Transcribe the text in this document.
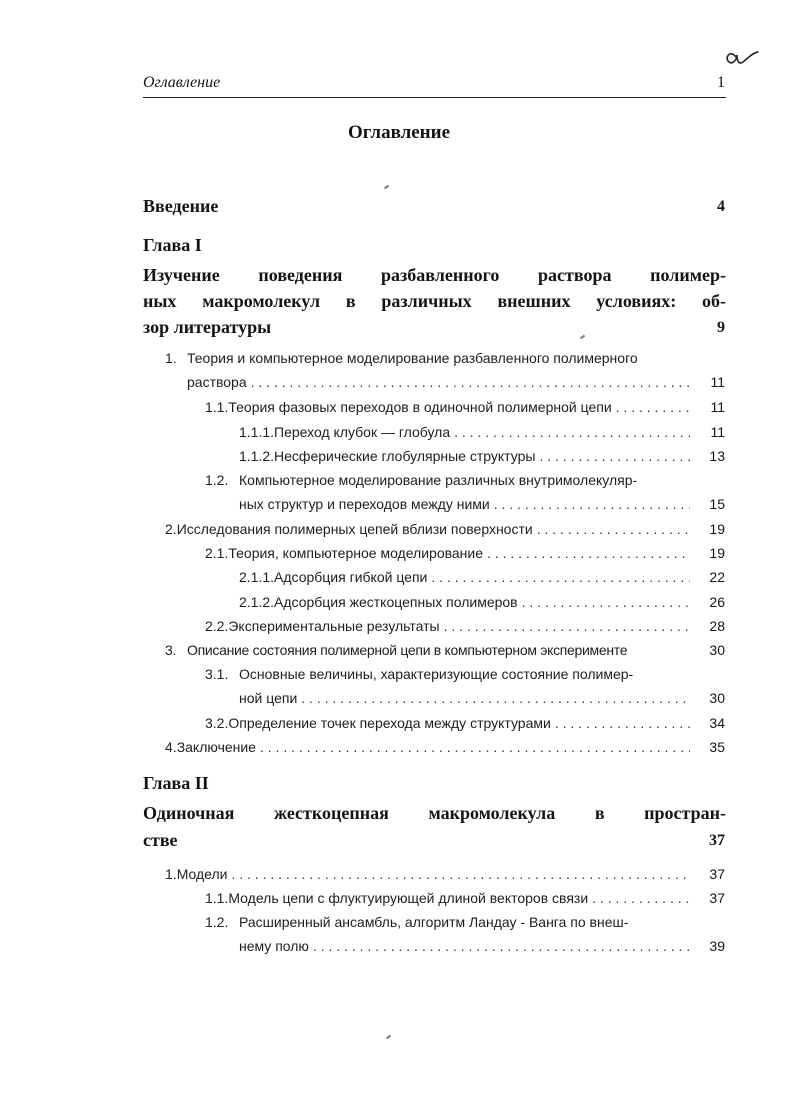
Оглавление	1
Оглавление
Введение	4
Глава I
Изучение поведения разбавленного раствора полимер-
ных макромолекул в различных внешних условиях: об-
зор литературы	9
1. Теория и компьютерное моделирование разбавленного полимерного
раствора . . .	11
1.1. Теория фазовых переходов в одиночной полимерной цепи . . .	11
1.1.1. Переход клубок — глобула . . .	11
1.1.2. Несферические глобулярные структуры . . .	13
1.2. Компьютерное моделирование различных внутримолекуляр-
ных структур и переходов между ними . . .	15
2. Исследования полимерных цепей вблизи поверхности . . .	19
2.1. Теория, компьютерное моделирование . . .	19
2.1.1. Адсорбция гибкой цепи . . .	22
2.1.2. Адсорбция жесткоцепных полимеров . . .	26
2.2. Экспериментальные результаты . . .	28
3. Описание состояния полимерной цепи в компьютерном эксперименте	30
3.1. Основные величины, характеризующие состояние полимер-
ной цепи . . .	30
3.2. Определение точек перехода между структурами . . .	34
4. Заключение . . .	35
Глава II
Одиночная жесткоцепная макромолекула в простран-
стве	37
1. Модели . . .	37
1.1. Модель цепи с флуктуирующей длиной векторов связи . . .	37
1.2. Расширенный ансамбль, алгоритм Ландау - Ванга по внеш-
нему полю . . .	39
